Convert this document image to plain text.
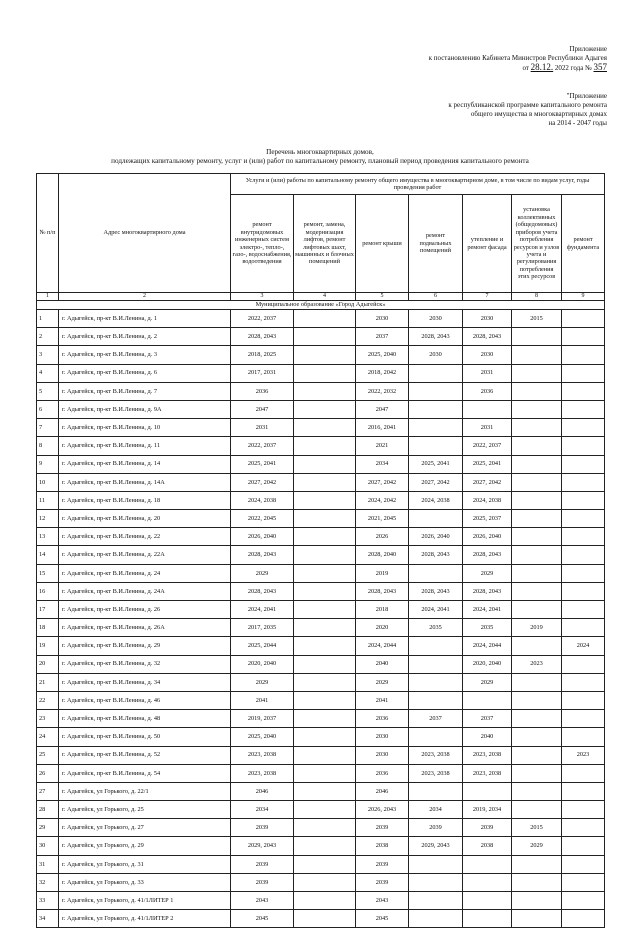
Приложение
к постановлению Кабинета Министров Республики Адыгея
от 28.12. 2022 года № 357
"Приложение
к республиканской программе капитального ремонта
общего имущества в многоквартирных домах
на 2014 - 2047 годы
Перечень многоквартирных домов,
подлежащих капитальному ремонту, услуг и (или) работ по капитальному ремонту, плановый период проведения капитального ремонта
№ п/п	Адрес многоквартирного дома	Услуги и (или) работы по капитальному ремонту общего имущества в многоквартирном доме, в том числе по видам услуг, годы проведения работ						
		ремонт внутридомовых инженерных систем электро-, тепло-, газо-, водоснабжения, водоотведения	ремонт, замена, модернизация лифтов, ремонт лифтовых шахт, машинных и блочных помещений	ремонт крыши	ремонт подвальных помещений	утепление и ремонт фасада	установка коллективных (общедомовых) приборов учета потребления ресурсов и узлов учета и регулирования потребления этих ресурсов	ремонт фундамента
1	2	3	4	5	6	7	8	9
Муниципальное образование «Город Адыгейск»								
1	г. Адыгейск, пр-кт В.И.Ленина, д. 1	2022, 2037		2030	2030	2030	2015	
2	г. Адыгейск, пр-кт В.И.Ленина, д. 2	2028, 2043		2037	2028, 2043	2028, 2043		
3	г. Адыгейск, пр-кт В.И.Ленина, д. 3	2018, 2025		2025, 2040	2030	2030		
4	г. Адыгейск, пр-кт В.И.Ленина, д. 6	2017, 2031		2018, 2042		2031		
5	г. Адыгейск, пр-кт В.И.Ленина, д. 7	2036		2022, 2032		2036		
6	г. Адыгейск, пр-кт В.И.Ленина, д. 9А	2047		2047				
7	г. Адыгейск, пр-кт В.И.Ленина, д. 10	2031		2016, 2041		2031		
8	г. Адыгейск, пр-кт В.И.Ленина, д. 11	2022, 2037		2021		2022, 2037		
9	г. Адыгейск, пр-кт В.И.Ленина, д. 14	2025, 2041		2034	2025, 2041	2025, 2041		
10	г. Адыгейск, пр-кт В.И.Ленина, д. 14А	2027, 2042		2027, 2042	2027, 2042	2027, 2042		
11	г. Адыгейск, пр-кт В.И.Ленина, д. 18	2024, 2038		2024, 2042	2024, 2038	2024, 2038		
12	г. Адыгейск, пр-кт В.И.Ленина, д. 20	2022, 2045		2021, 2045		2025, 2037		
13	г. Адыгейск, пр-кт В.И.Ленина, д. 22	2026, 2040		2026	2026, 2040	2026, 2040		
14	г. Адыгейск, пр-кт В.И.Ленина, д. 22А	2028, 2043		2028, 2040	2028, 2043	2028, 2043		
15	г. Адыгейск, пр-кт В.И.Ленина, д. 24	2029		2019		2029		
16	г. Адыгейск, пр-кт В.И.Ленина, д. 24А	2028, 2043		2028, 2043	2028, 2043	2028, 2043		
17	г. Адыгейск, пр-кт В.И.Ленина, д. 26	2024, 2041		2018	2024, 2041	2024, 2041		
18	г. Адыгейск, пр-кт В.И.Ленина, д. 26А	2017, 2035		2020	2035	2035	2019	
19	г. Адыгейск, пр-кт В.И.Ленина, д. 29	2025, 2044		2024, 2044		2024, 2044		2024
20	г. Адыгейск, пр-кт В.И.Ленина, д. 32	2020, 2040		2040		2020, 2040	2023	
21	г. Адыгейск, пр-кт В.И.Ленина, д. 34	2029		2029		2029		
22	г. Адыгейск, пр-кт В.И.Ленина, д. 46	2041		2041				
23	г. Адыгейск, пр-кт В.И.Ленина, д. 48	2019, 2037		2036	2037	2037		
24	г. Адыгейск, пр-кт В.И.Ленина, д. 50	2025, 2040		2030		2040		
25	г. Адыгейск, пр-кт В.И.Ленина, д. 52	2023, 2038		2030	2023, 2038	2023, 2038		2023
26	г. Адыгейск, пр-кт В.И.Ленина, д. 54	2023, 2038		2036	2023, 2038	2023, 2038		
27	г. Адыгейск, ул Горького, д. 22/1	2046		2046				
28	г. Адыгейск, ул Горького, д. 25	2034		2026, 2043	2034	2019, 2034		
29	г. Адыгейск, ул Горького, д. 27	2039		2039	2039	2039	2015	
30	г. Адыгейск, ул Горького, д. 29	2029, 2043		2038	2029, 2043	2038	2029	
31	г. Адыгейск, ул Горького, д. 31	2039		2039				
32	г. Адыгейск, ул Горького, д. 33	2039		2039				
33	г. Адыгейск, ул Горького, д. 41/1ЛИТЕР 1	2043		2043				
34	г. Адыгейск, ул Горького, д. 41/1ЛИТЕР 2	2045		2045				
